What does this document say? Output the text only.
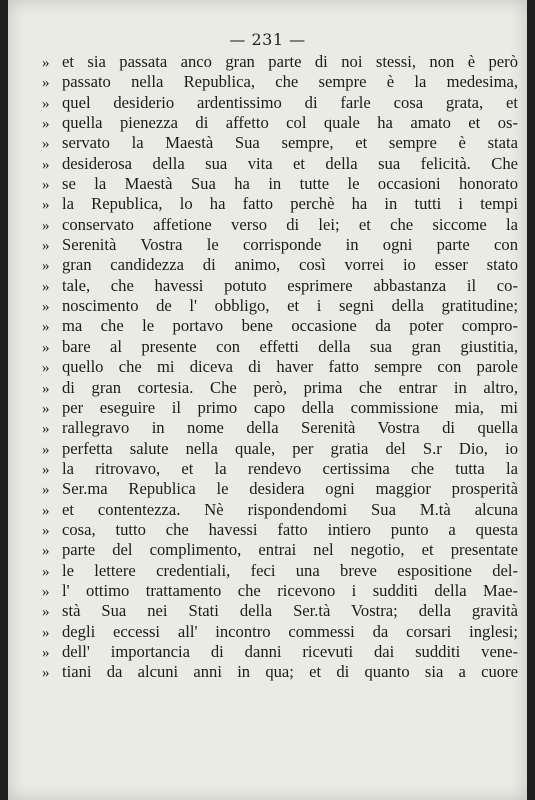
— 231 —
» et sia passata anco gran parte di noi stessi, non è però
» passato nella Republica, che sempre è la medesima,
» quel desiderio ardentissimo di farle cosa grata, et
» quella pienezza di affetto col quale ha amato et os-
» servato la Maestà Sua sempre, et sempre è stata
» desiderosa della sua vita et della sua felicità. Che
» se la Maestà Sua ha in tutte le occasioni honorato
» la Republica, lo ha fatto perchè ha in tutti i tempi
» conservato affetione verso di lei; et che siccome la
» Serenità Vostra le corrisponde in ogni parte con
» gran candidezza di animo, così vorrei io esser stato
» tale, che havessi potuto esprimere abbastanza il co-
» noscimento de l' obbligo, et i segni della gratitudine;
» ma che le portavo bene occasione da poter compro-
» bare al presente con effetti della sua gran giustitia,
» quello che mi diceva di haver fatto sempre con parole
» di gran cortesia. Che però, prima che entrar in altro,
» per eseguire il primo capo della commissione mia, mi
» rallegravo in nome della Serenità Vostra di quella
» perfetta salute nella quale, per gratia del S.r Dio, io
» la ritrovavo, et la rendevo certissima che tutta la
» Ser.ma Republica le desidera ogni maggior prosperità
» et contentezza. Nè rispondendomi Sua M.tà alcuna
» cosa, tutto che havessi fatto intiero punto a questa
» parte del complimento, entrai nel negotio, et presentate
» le lettere credentiali, feci una breve espositione del-
» l' ottimo trattamento che ricevono i sudditi della Mae-
» stà Sua nei Stati della Ser.tà Vostra; della gravità
» degli eccessi all' incontro commessi da corsari inglesi;
» dell' importancia di danni ricevuti dai sudditi vene-
» tiani da alcuni anni in qua; et di quanto sia a cuore
